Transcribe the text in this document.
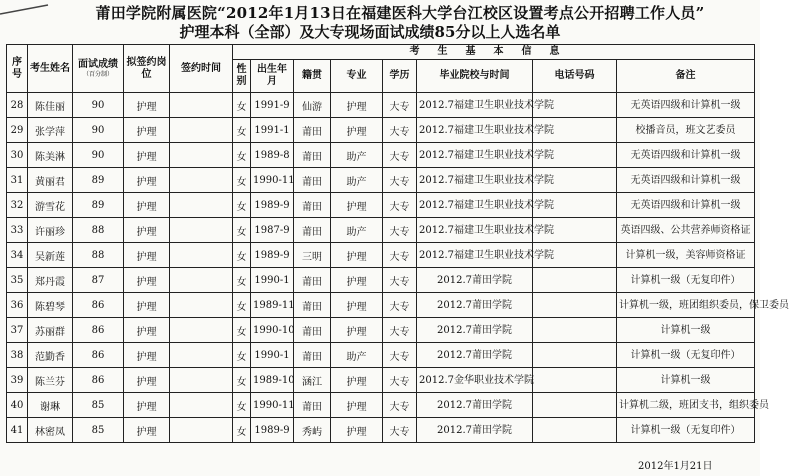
莆田学院附属医院“2012年1月13日在福建医科大学台江校区设置考点公开招聘工作人员”
护理本科（全部）及大专现场面试成绩85分以上人选名单
序号	考生姓名	面试成绩
（百分制）	拟签约岗位	签约时间	考生基本信息							
					性别	出生年月	籍贯	专业	学历	毕业院校与时间	电话号码	备注
28	陈佳丽	90	护理		女	1991-9	仙游	护理	大专	2012.7福建卫生职业技术学院		无英语四级和计算机一级
29	张学萍	90	护理		女	1991-1	莆田	护理	大专	2012.7福建卫生职业技术学院		校播音员，班文艺委员
30	陈美淋	90	护理		女	1989-8	莆田	助产	大专	2012.7福建卫生职业技术学院		无英语四级和计算机一级
31	黄丽君	89	护理		女	1990-11	莆田	助产	大专	2012.7福建卫生职业技术学院		无英语四级和计算机一级
32	游雪花	89	护理		女	1989-9	莆田	护理	大专	2012.7福建卫生职业技术学院		无英语四级和计算机一级
33	许丽珍	88	护理		女	1987-9	莆田	助产	大专	2012.7福建卫生职业技术学院		英语四级、公共营养师资格证
34	吴新莲	88	护理		女	1989-9	三明	护理	大专	2012.7福建卫生职业技术学院		计算机一级，美容师资格证
35	郑丹霞	87	护理		女	1990-1	莆田	护理	大专	2012.7莆田学院		计算机一级（无复印件）
36	陈碧琴	86	护理		女	1989-11	莆田	护理	大专	2012.7莆田学院		计算机一级，班团组织委员，保卫委员
37	苏丽群	86	护理		女	1990-10	莆田	护理	大专	2012.7莆田学院		计算机一级
38	范勤香	86	护理		女	1990-1	莆田	助产	大专	2012.7莆田学院		计算机一级（无复印件）
39	陈兰芬	86	护理		女	1989-10	涵江	护理	大专	2012.7金华职业技术学院		计算机一级
40	谢琳	85	护理		女	1990-11	莆田	护理	大专	2012.7莆田学院		计算机二级，班团支书，组织委员
41	林密凤	85	护理		女	1989-9	秀屿	护理	大专	2012.7莆田学院		计算机一级（无复印件）
2012年1月21日
